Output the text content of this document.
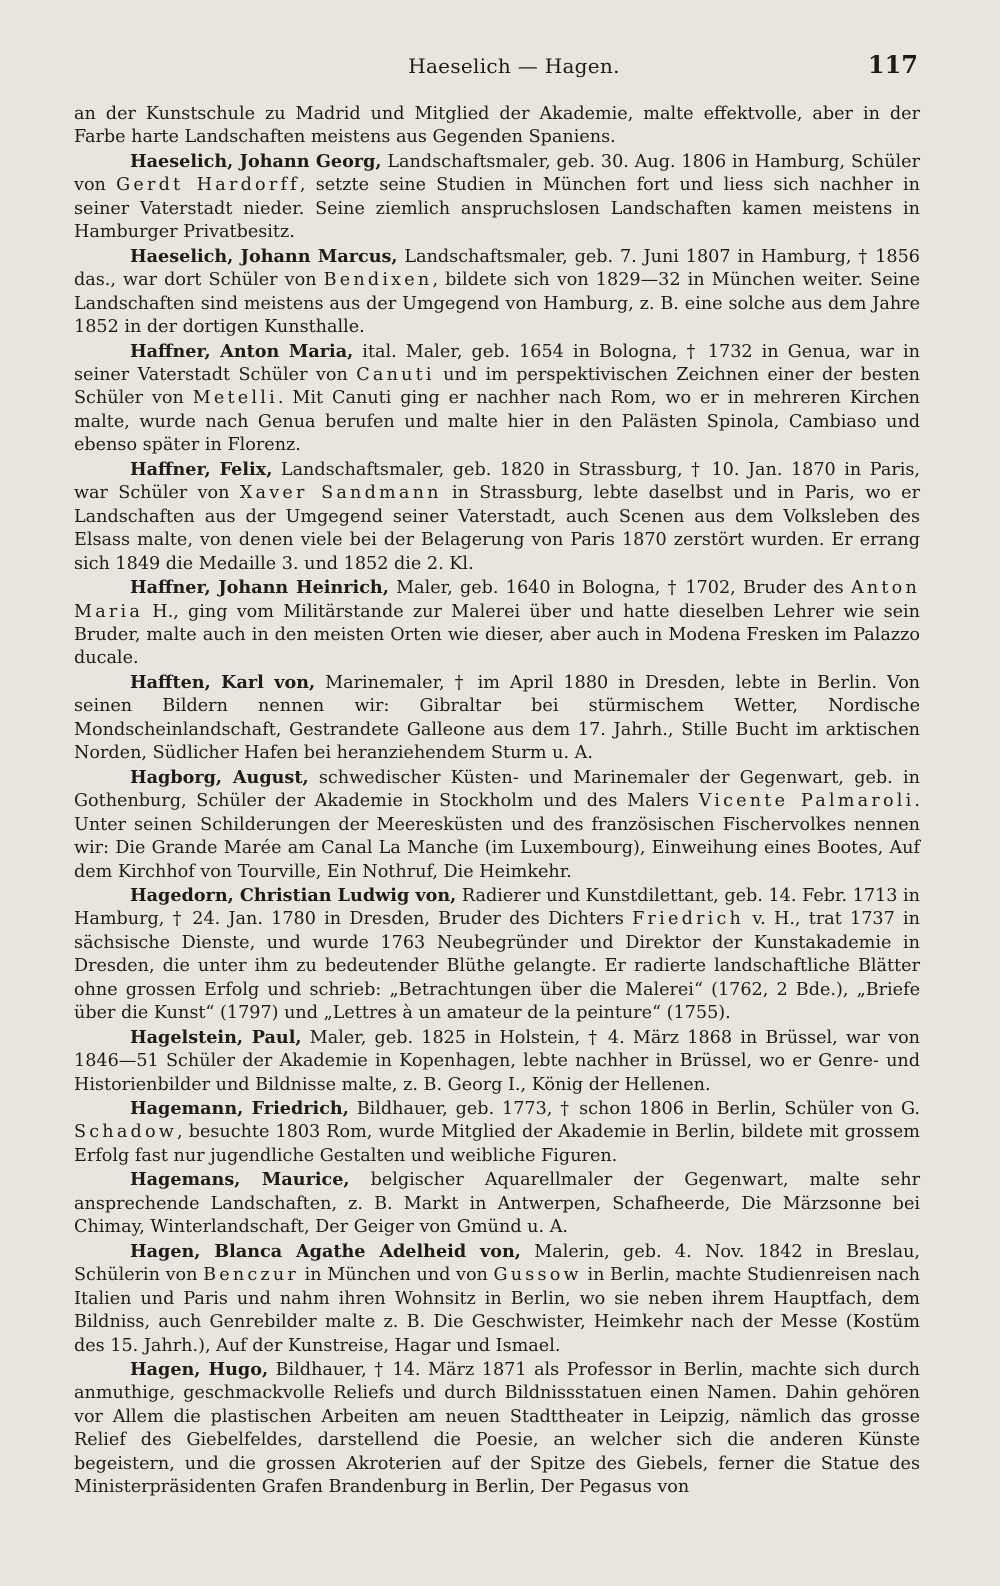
Haeselich — Hagen.	117

an der Kunstschule zu Madrid und Mitglied der Akademie, malte effektvolle, aber in der Farbe harte Landschaften meistens aus Gegenden Spaniens.

Haeselich, Johann Georg, Landschaftsmaler, geb. 30. Aug. 1806 in Hamburg, Schüler von Gerdt Hardorff, setzte seine Studien in München fort und liess sich nachher in seiner Vaterstadt nieder. Seine ziemlich anspruchslosen Landschaften kamen meistens in Hamburger Privatbesitz.

Haeselich, Johann Marcus, Landschaftsmaler, geb. 7. Juni 1807 in Hamburg, † 1856 das., war dort Schüler von Bendixen, bildete sich von 1829—32 in München weiter. Seine Landschaften sind meistens aus der Umgegend von Hamburg, z. B. eine solche aus dem Jahre 1852 in der dortigen Kunsthalle.

Haffner, Anton Maria, ital. Maler, geb. 1654 in Bologna, † 1732 in Genua, war in seiner Vaterstadt Schüler von Canuti und im perspektivischen Zeichnen einer der besten Schüler von Metelli. Mit Canuti ging er nachher nach Rom, wo er in mehreren Kirchen malte, wurde nach Genua berufen und malte hier in den Palästen Spinola, Cambiaso und ebenso später in Florenz.

Haffner, Felix, Landschaftsmaler, geb. 1820 in Strassburg, † 10. Jan. 1870 in Paris, war Schüler von Xaver Sandmann in Strassburg, lebte daselbst und in Paris, wo er Landschaften aus der Umgegend seiner Vaterstadt, auch Scenen aus dem Volksleben des Elsass malte, von denen viele bei der Belagerung von Paris 1870 zerstört wurden. Er errang sich 1849 die Medaille 3. und 1852 die 2. Kl.

Haffner, Johann Heinrich, Maler, geb. 1640 in Bologna, † 1702, Bruder des Anton Maria H., ging vom Militärstande zur Malerei über und hatte dieselben Lehrer wie sein Bruder, malte auch in den meisten Orten wie dieser, aber auch in Modena Fresken im Palazzo ducale.

Hafften, Karl von, Marinemaler, † im April 1880 in Dresden, lebte in Berlin. Von seinen Bildern nennen wir: Gibraltar bei stürmischem Wetter, Nordische Mondscheinlandschaft, Gestrandete Galleone aus dem 17. Jahrh., Stille Bucht im arktischen Norden, Südlicher Hafen bei heranziehendem Sturm u. A.

Hagborg, August, schwedischer Küsten- und Marinemaler der Gegenwart, geb. in Gothenburg, Schüler der Akademie in Stockholm und des Malers Vicente Palmaroli. Unter seinen Schilderungen der Meeresküsten und des französischen Fischervolkes nennen wir: Die Grande Marée am Canal La Manche (im Luxembourg), Einweihung eines Bootes, Auf dem Kirchhof von Tourville, Ein Nothruf, Die Heimkehr.

Hagedorn, Christian Ludwig von, Radierer und Kunstdilettant, geb. 14. Febr. 1713 in Hamburg, † 24. Jan. 1780 in Dresden, Bruder des Dichters Friedrich v. H., trat 1737 in sächsische Dienste, und wurde 1763 Neubegründer und Direktor der Kunstakademie in Dresden, die unter ihm zu bedeutender Blüthe gelangte. Er radierte landschaftliche Blätter ohne grossen Erfolg und schrieb: „Betrachtungen über die Malerei“ (1762, 2 Bde.), „Briefe über die Kunst“ (1797) und „Lettres à un amateur de la peinture“ (1755).

Hagelstein, Paul, Maler, geb. 1825 in Holstein, † 4. März 1868 in Brüssel, war von 1846—51 Schüler der Akademie in Kopenhagen, lebte nachher in Brüssel, wo er Genre- und Historienbilder und Bildnisse malte, z. B. Georg I., König der Hellenen.

Hagemann, Friedrich, Bildhauer, geb. 1773, † schon 1806 in Berlin, Schüler von G. Schadow, besuchte 1803 Rom, wurde Mitglied der Akademie in Berlin, bildete mit grossem Erfolg fast nur jugendliche Gestalten und weibliche Figuren.

Hagemans, Maurice, belgischer Aquarellmaler der Gegenwart, malte sehr ansprechende Landschaften, z. B. Markt in Antwerpen, Schafheerde, Die Märzsonne bei Chimay, Winterlandschaft, Der Geiger von Gmünd u. A.

Hagen, Blanca Agathe Adelheid von, Malerin, geb. 4. Nov. 1842 in Breslau, Schülerin von Benczur in München und von Gussow in Berlin, machte Studienreisen nach Italien und Paris und nahm ihren Wohnsitz in Berlin, wo sie neben ihrem Hauptfach, dem Bildniss, auch Genrebilder malte z. B. Die Geschwister, Heimkehr nach der Messe (Kostüm des 15. Jahrh.), Auf der Kunstreise, Hagar und Ismael.

Hagen, Hugo, Bildhauer, † 14. März 1871 als Professor in Berlin, machte sich durch anmuthige, geschmackvolle Reliefs und durch Bildnissstatuen einen Namen. Dahin gehören vor Allem die plastischen Arbeiten am neuen Stadttheater in Leipzig, nämlich das grosse Relief des Giebelfeldes, darstellend die Poesie, an welcher sich die anderen Künste begeistern, und die grossen Akroterien auf der Spitze des Giebels, ferner die Statue des Ministerpräsidenten Grafen Brandenburg in Berlin, Der Pegasus von
